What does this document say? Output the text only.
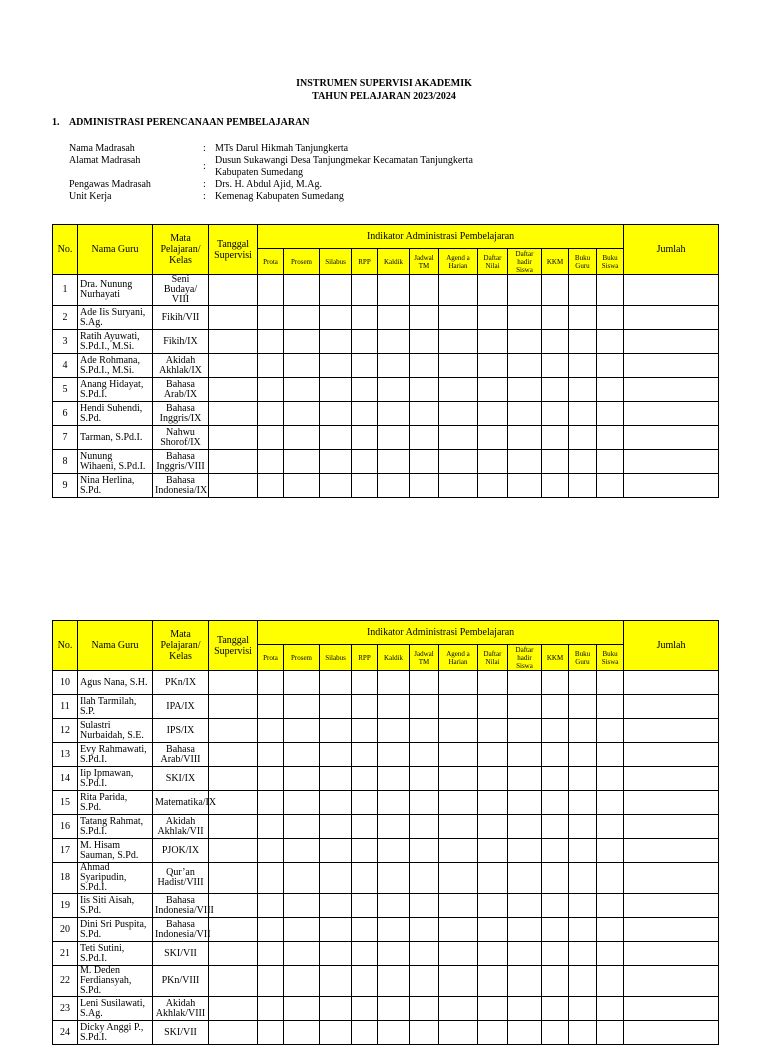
INSTRUMEN SUPERVISI AKADEMIK
TAHUN PELAJARAN 2023/2024
1. ADMINISTRASI PERENCANAAN PEMBELAJARAN
Nama Madrasah	: MTs Darul Hikmah Tanjungkerta
Alamat Madrasah
:
Dusun Sukawangi Desa Tanjungmekar Kecamatan Tanjungkerta
Kabupaten Sumedang
Pengawas Madrasah	: Drs. H. Abdul Ajid, M.Ag.
Unit Kerja	: Kemenag Kabupaten Sumedang
No.	Nama Guru	Mata Pelajaran/ Kelas	Tanggal Supervisi	Indikator Administrasi Pembelajaran												Jumlah
				Prota	Prosem	Silabus	RPP	Kaldik	Jadwal TM	Agend a Harian	Daftar Nilai	Daftar hadir Siswa	KKM	Buku Guru	Buku Siswa	
1	Dra. Nunung Nurhayati	Seni Budaya/ VIII														
2	Ade Iis Suryani, S.Ag.	Fikih/VII														
3	Ratih Ayuwati, S.Pd.I., M.Si.	Fikih/IX														
4	Ade Rohmana, S.Pd.I., M.Si.	Akidah Akhlak/IX														
5	Anang Hidayat, S.Pd.I.	Bahasa Arab/IX														
6	Hendi Suhendi, S.Pd.	Bahasa Inggris/IX														
7	Tarman, S.Pd.I.	Nahwu Shorof/IX														
8	Nunung Wihaeni, S.Pd.I.	Bahasa Inggris/VIII														
9	Nina Herlina, S.Pd.	Bahasa Indonesia/IX														
No.	Nama Guru	Mata Pelajaran/ Kelas	Tanggal Supervisi	Indikator Administrasi Pembelajaran												Jumlah
				Prota	Prosem	Silabus	RPP	Kaldik	Jadwal TM	Agend a Harian	Daftar Nilai	Daftar hadir Siswa	KKM	Buku Guru	Buku Siswa	
10	Agus Nana, S.H.	PKn/IX														
11	Ilah Tarmilah, S.P.	IPA/IX														
12	Sulastri Nurbaidah, S.E.	IPS/IX														
13	Evy Rahmawati, S.Pd.I.	Bahasa Arab/VIII														
14	Iip Ipmawan, S.Pd.I.	SKI/IX														
15	Rita Parida, S.Pd.	Matematika/IX														
16	Tatang Rahmat, S.Pd.I.	Akidah Akhlak/VII														
17	M. Hisam Sauman, S.Pd.	PJOK/IX														
18	Ahmad Syaripudin, S.Pd.I.	Qur’an Hadist/VIII														
19	Iis Siti Aisah, S.Pd.	Bahasa Indonesia/VIII														
20	Dini Sri Puspita, S.Pd.	Bahasa Indonesia/VII														
21	Teti Sutini, S.Pd.I.	SKI/VII														
22	M. Deden Ferdiansyah, S.Pd.	PKn/VIII														
23	Leni Susilawati, S.Ag.	Akidah Akhlak/VIII														
24	Dicky Anggi P., S.Pd.I.	SKI/VII														
